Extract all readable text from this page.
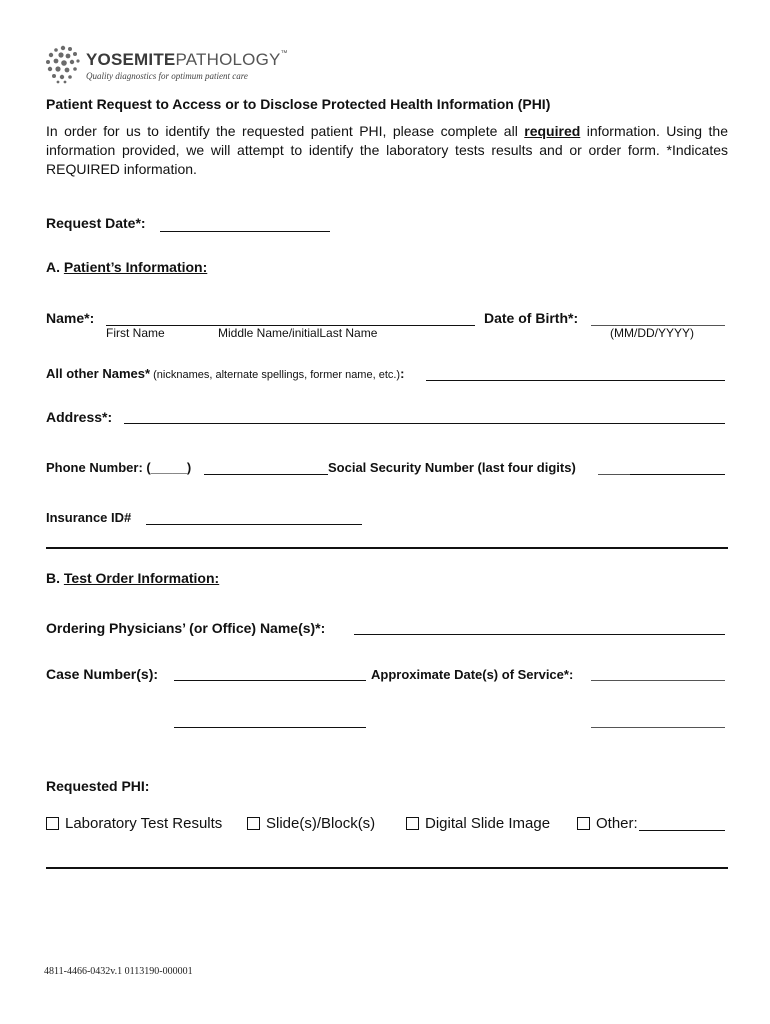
YOSEMITEPATHOLOGY™
Quality diagnostics for optimum patient care
Patient Request to Access or to Disclose Protected Health Information (PHI)
In order for us to identify the requested patient PHI, please complete all required information. Using the information provided, we will attempt to identify the laboratory tests results and or order form. *Indicates REQUIRED information.
Request Date*:
A. Patient’s Information:
Name*:
First Name	Middle Name/initialLast Name
Date of Birth*:
(MM/DD/YYYY)
All other Names* (nicknames, alternate spellings, former name, etc.):
Address*:
Phone Number: (_____)	Social Security Number (last four digits)
Insurance ID#
B. Test Order Information:
Ordering Physicians’ (or Office) Name(s)*:
Case Number(s):	Approximate Date(s) of Service*:
Requested PHI:
Laboratory Test Results	Slide(s)/Block(s)	Digital Slide Image	Other:
4811-4466-0432v.1 0113190-000001
